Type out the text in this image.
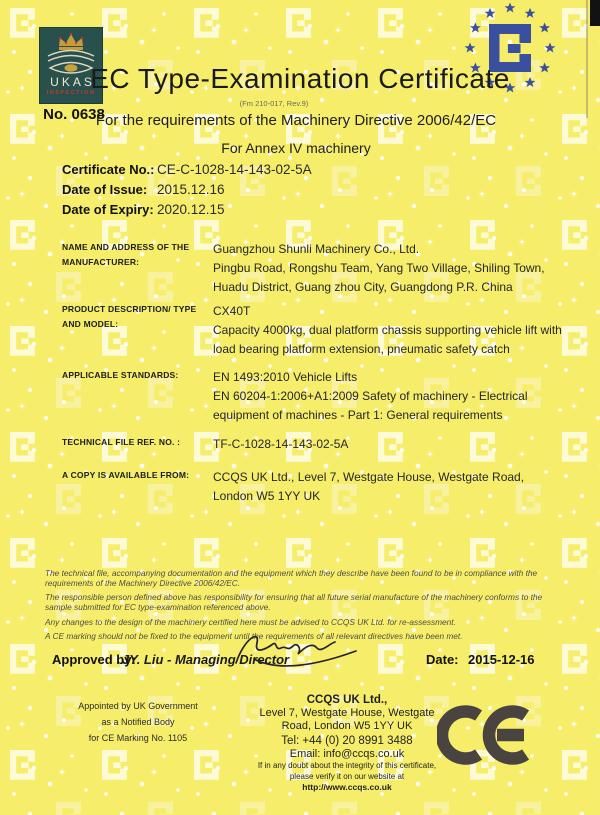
UKAS
INSPECTION
No. 0638
EC Type-Examination Certificate
(Fm 210-017, Rev.9)
For the requirements of the Machinery Directive 2006/42/EC
For Annex IV machinery
Certificate No.: CE-C-1028-14-143-02-5A
Date of Issue: 2015.12.16
Date of Expiry: 2020.12.15
NAME AND ADDRESS OF THE
MANUFACTURER:
Guangzhou Shunli Machinery Co., Ltd.
Pingbu Road, Rongshu Team, Yang Two Village, Shiling Town,
Huadu District, Guang zhou City, Guangdong P.R. China
PRODUCT DESCRIPTION/ TYPE
AND MODEL:
CX40T
Capacity 4000kg, dual platform chassis supporting vehicle lift with
load bearing platform extension, pneumatic safety catch
APPLICABLE STANDARDS:	EN 1493:2010 Vehicle Lifts
EN 60204-1:2006+A1:2009 Safety of machinery - Electrical
equipment of machines - Part 1: General requirements
TECHNICAL FILE REF. NO. :	TF-C-1028-14-143-02-5A
A COPY IS AVAILABLE FROM:	CCQS UK Ltd., Level 7, Westgate House, Westgate Road,
London W5 1YY UK

The technical file, accompanying documentation and the equipment which they describe have been found to be in compliance with the requirements of the Machinery Directive 2006/42/EC.

The responsible person defined above has responsibility for ensuring that all future serial manufacture of the machinery conforms to the sample submitted for EC type-examination referenced above.

Any changes to the design of the machinery certified here must be advised to CCQS UK Ltd. for re-assessment.

A CE marking should not be fixed to the equipment until the requirements of all relevant directives have been met.

Approved by:
JY. Liu - Managing Director	Date: 2015-12-16
Appointed by UK Government
as a Notified Body
for CE Marking No. 1105
CCQS UK Ltd.,
Level 7, Westgate House, Westgate
Road, London W5 1YY UK
Tel: +44 (0) 20 8991 3488
Email: info@ccqs.co.uk
If in any doubt about the integrity of this certificate,
please verify it on our website at
http://www.ccqs.co.uk
